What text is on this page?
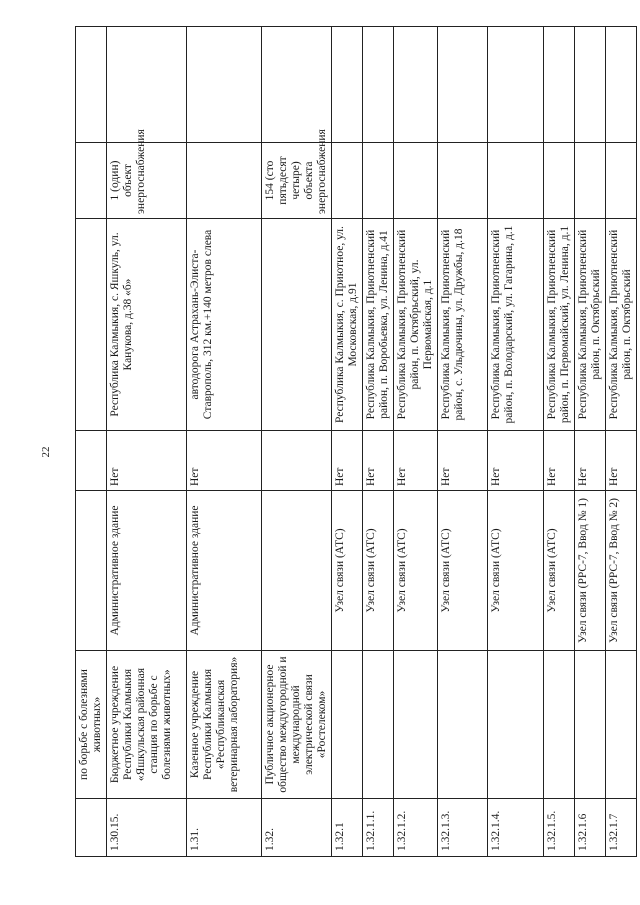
22
	по борьбе с болезнями животных»					
1.30.15.	Бюджетное учреждение Республики Калмыкия «Яшкульская районная станция по борьбе с болезнями животных»	Административное здание	Нет	Республика Калмыкия, с. Яшкуль, ул. Канукова, д.38 «б»	1 (один) объект энергоснабжения	
1.31.	Казенное учреждение Республики Калмыкия «Республиканская ветеринарная лаборатория»	Административное здание	Нет	автодорога Астрахань-Элиста-Ставрополь, 312 км.+140 метров слева		
1.32.	Публичное акционерное общество междугородной и международной электрической связи «Ростелеком»				154 (сто пятьдесят четыре) объекта энергоснабжения	
1.32.1		Узел связи (АТС)	Нет	Республика Калмыкия, с. Приютное, ул. Московская, д.91		
1.32.1.1.		Узел связи (АТС)	Нет	Республика Калмыкия, Приютненский район, п. Воробьевка, ул. Ленина, д.41		
1.32.1.2.		Узел связи (АТС)	Нет	Республика Калмыкия, Приютненский район, п. Октябрьский, ул. Первомайская, д.1		
1.32.1.3.		Узел связи (АТС)	Нет	Республика Калмыкия, Приютненский район, с. Ульдючины, ул. Дружбы, д.18		
1.32.1.4.		Узел связи (АТС)	Нет	Республика Калмыкия, Приютненский район, п. Володарский, ул. Гагарина, д.1		
1.32.1.5.		Узел связи (АТС)	Нет	Республика Калмыкия, Приютненский район, п. Первомайский, ул. Ленина, д.1		
1.32.1.6		Узел связи (РРС-7, Ввод № 1)	Нет	Республика Калмыкия, Приютненский район, п. Октябрьский		
1.32.1.7		Узел связи (РРС-7, Ввод № 2)	Нет	Республика Калмыкия, Приютненский район, п. Октябрьский		
